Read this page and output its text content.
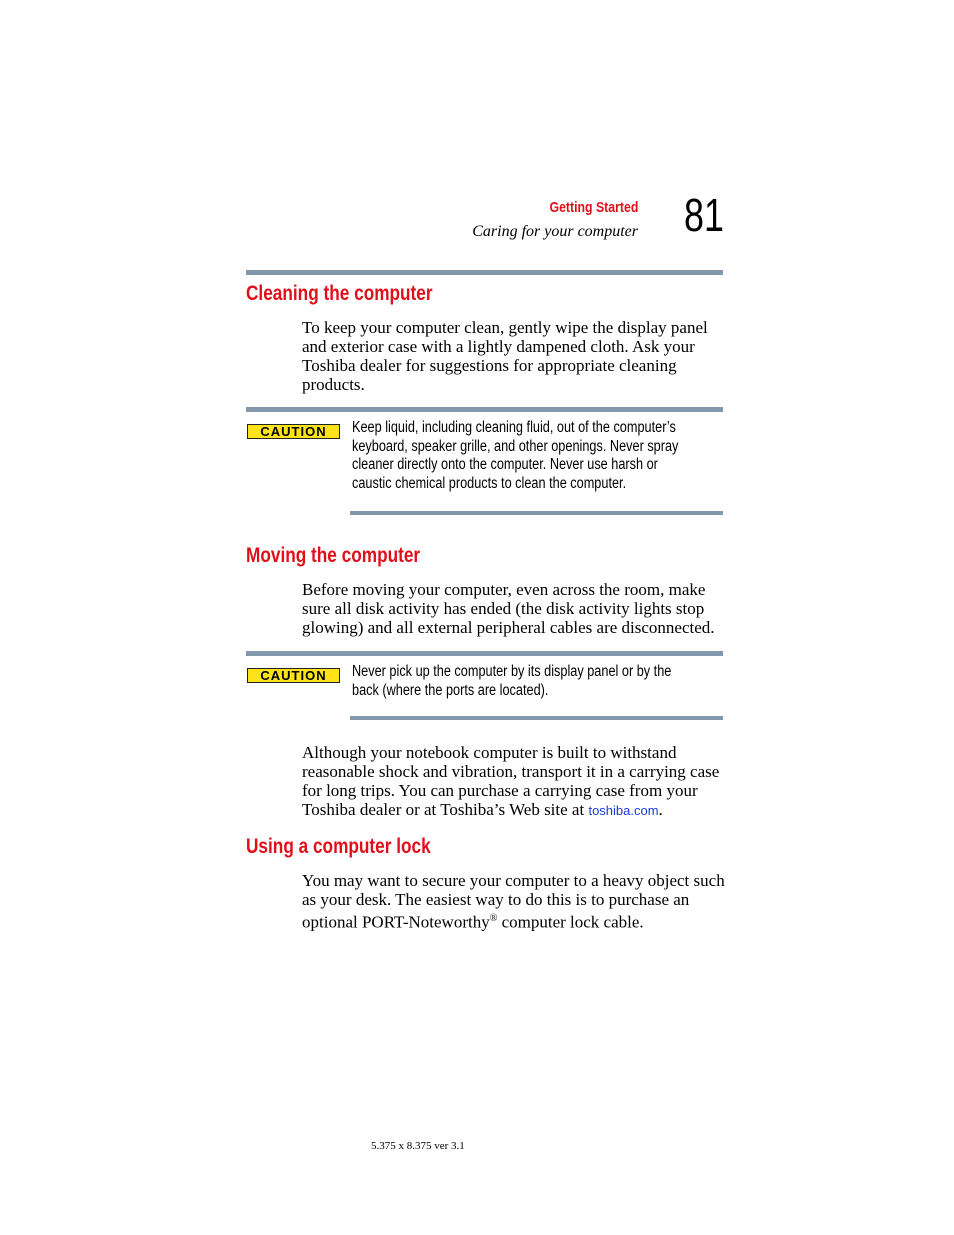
Getting Started
Caring for your computer 81
Cleaning the computer
To keep your computer clean, gently wipe the display panel and exterior case with a lightly dampened cloth. Ask your Toshiba dealer for suggestions for appropriate cleaning products.
CAUTION	Keep liquid, including cleaning fluid, out of the computer’s keyboard, speaker grille, and other openings. Never spray cleaner directly onto the computer. Never use harsh or caustic chemical products to clean the computer.
Moving the computer
Before moving your computer, even across the room, make sure all disk activity has ended (the disk activity lights stop glowing) and all external peripheral cables are disconnected.
CAUTION	Never pick up the computer by its display panel or by the back (where the ports are located).
Although your notebook computer is built to withstand reasonable shock and vibration, transport it in a carrying case for long trips. You can purchase a carrying case from your Toshiba dealer or at Toshiba’s Web site at toshiba.com.
Using a computer lock
You may want to secure your computer to a heavy object such as your desk. The easiest way to do this is to purchase an optional PORT-Noteworthy® computer lock cable.
5.375 x 8.375 ver 3.1
